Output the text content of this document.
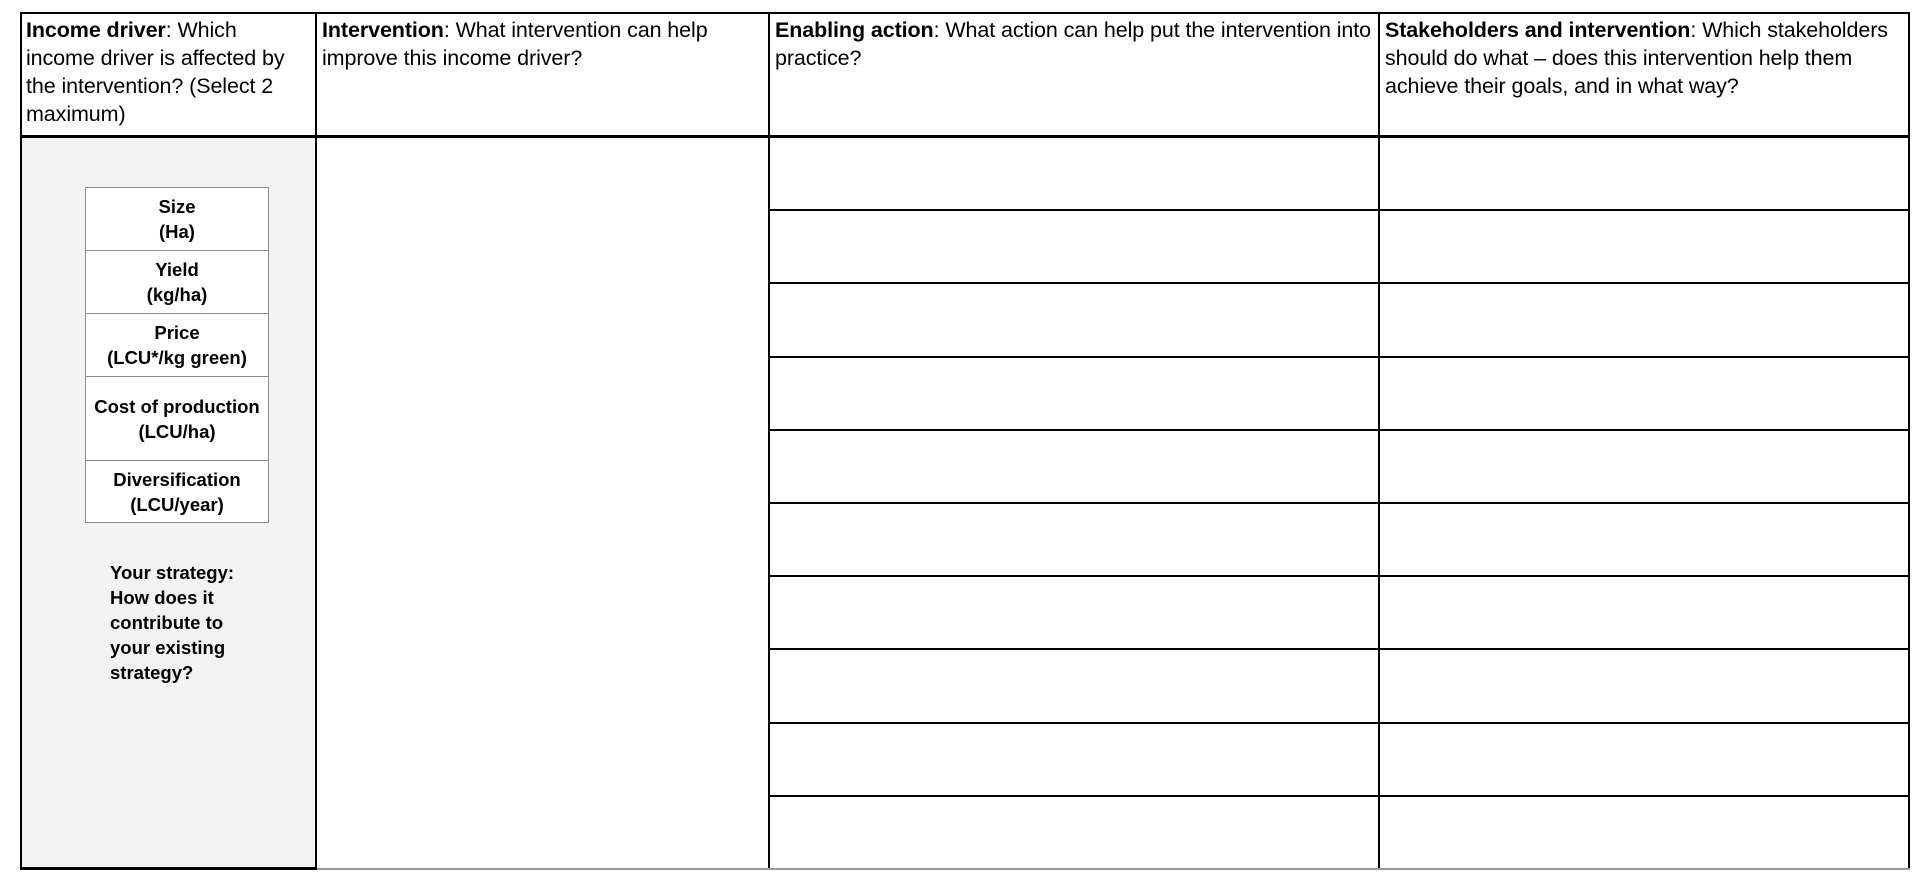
Income driver: Which income driver is affected by the intervention? (Select 2 maximum)
Intervention: What intervention can help improve this income driver?
Enabling action: What action can help put the intervention into practice?
Stakeholders and intervention: Which stakeholders should do what – does this intervention help them achieve their goals, and in what way?
Size
(Ha)
Yield
(kg/ha)
Price
(LCU*/kg green)
Cost of production
(LCU/ha)
Diversification
(LCU/year)
Your strategy:
How does it
contribute to
your existing
strategy?
